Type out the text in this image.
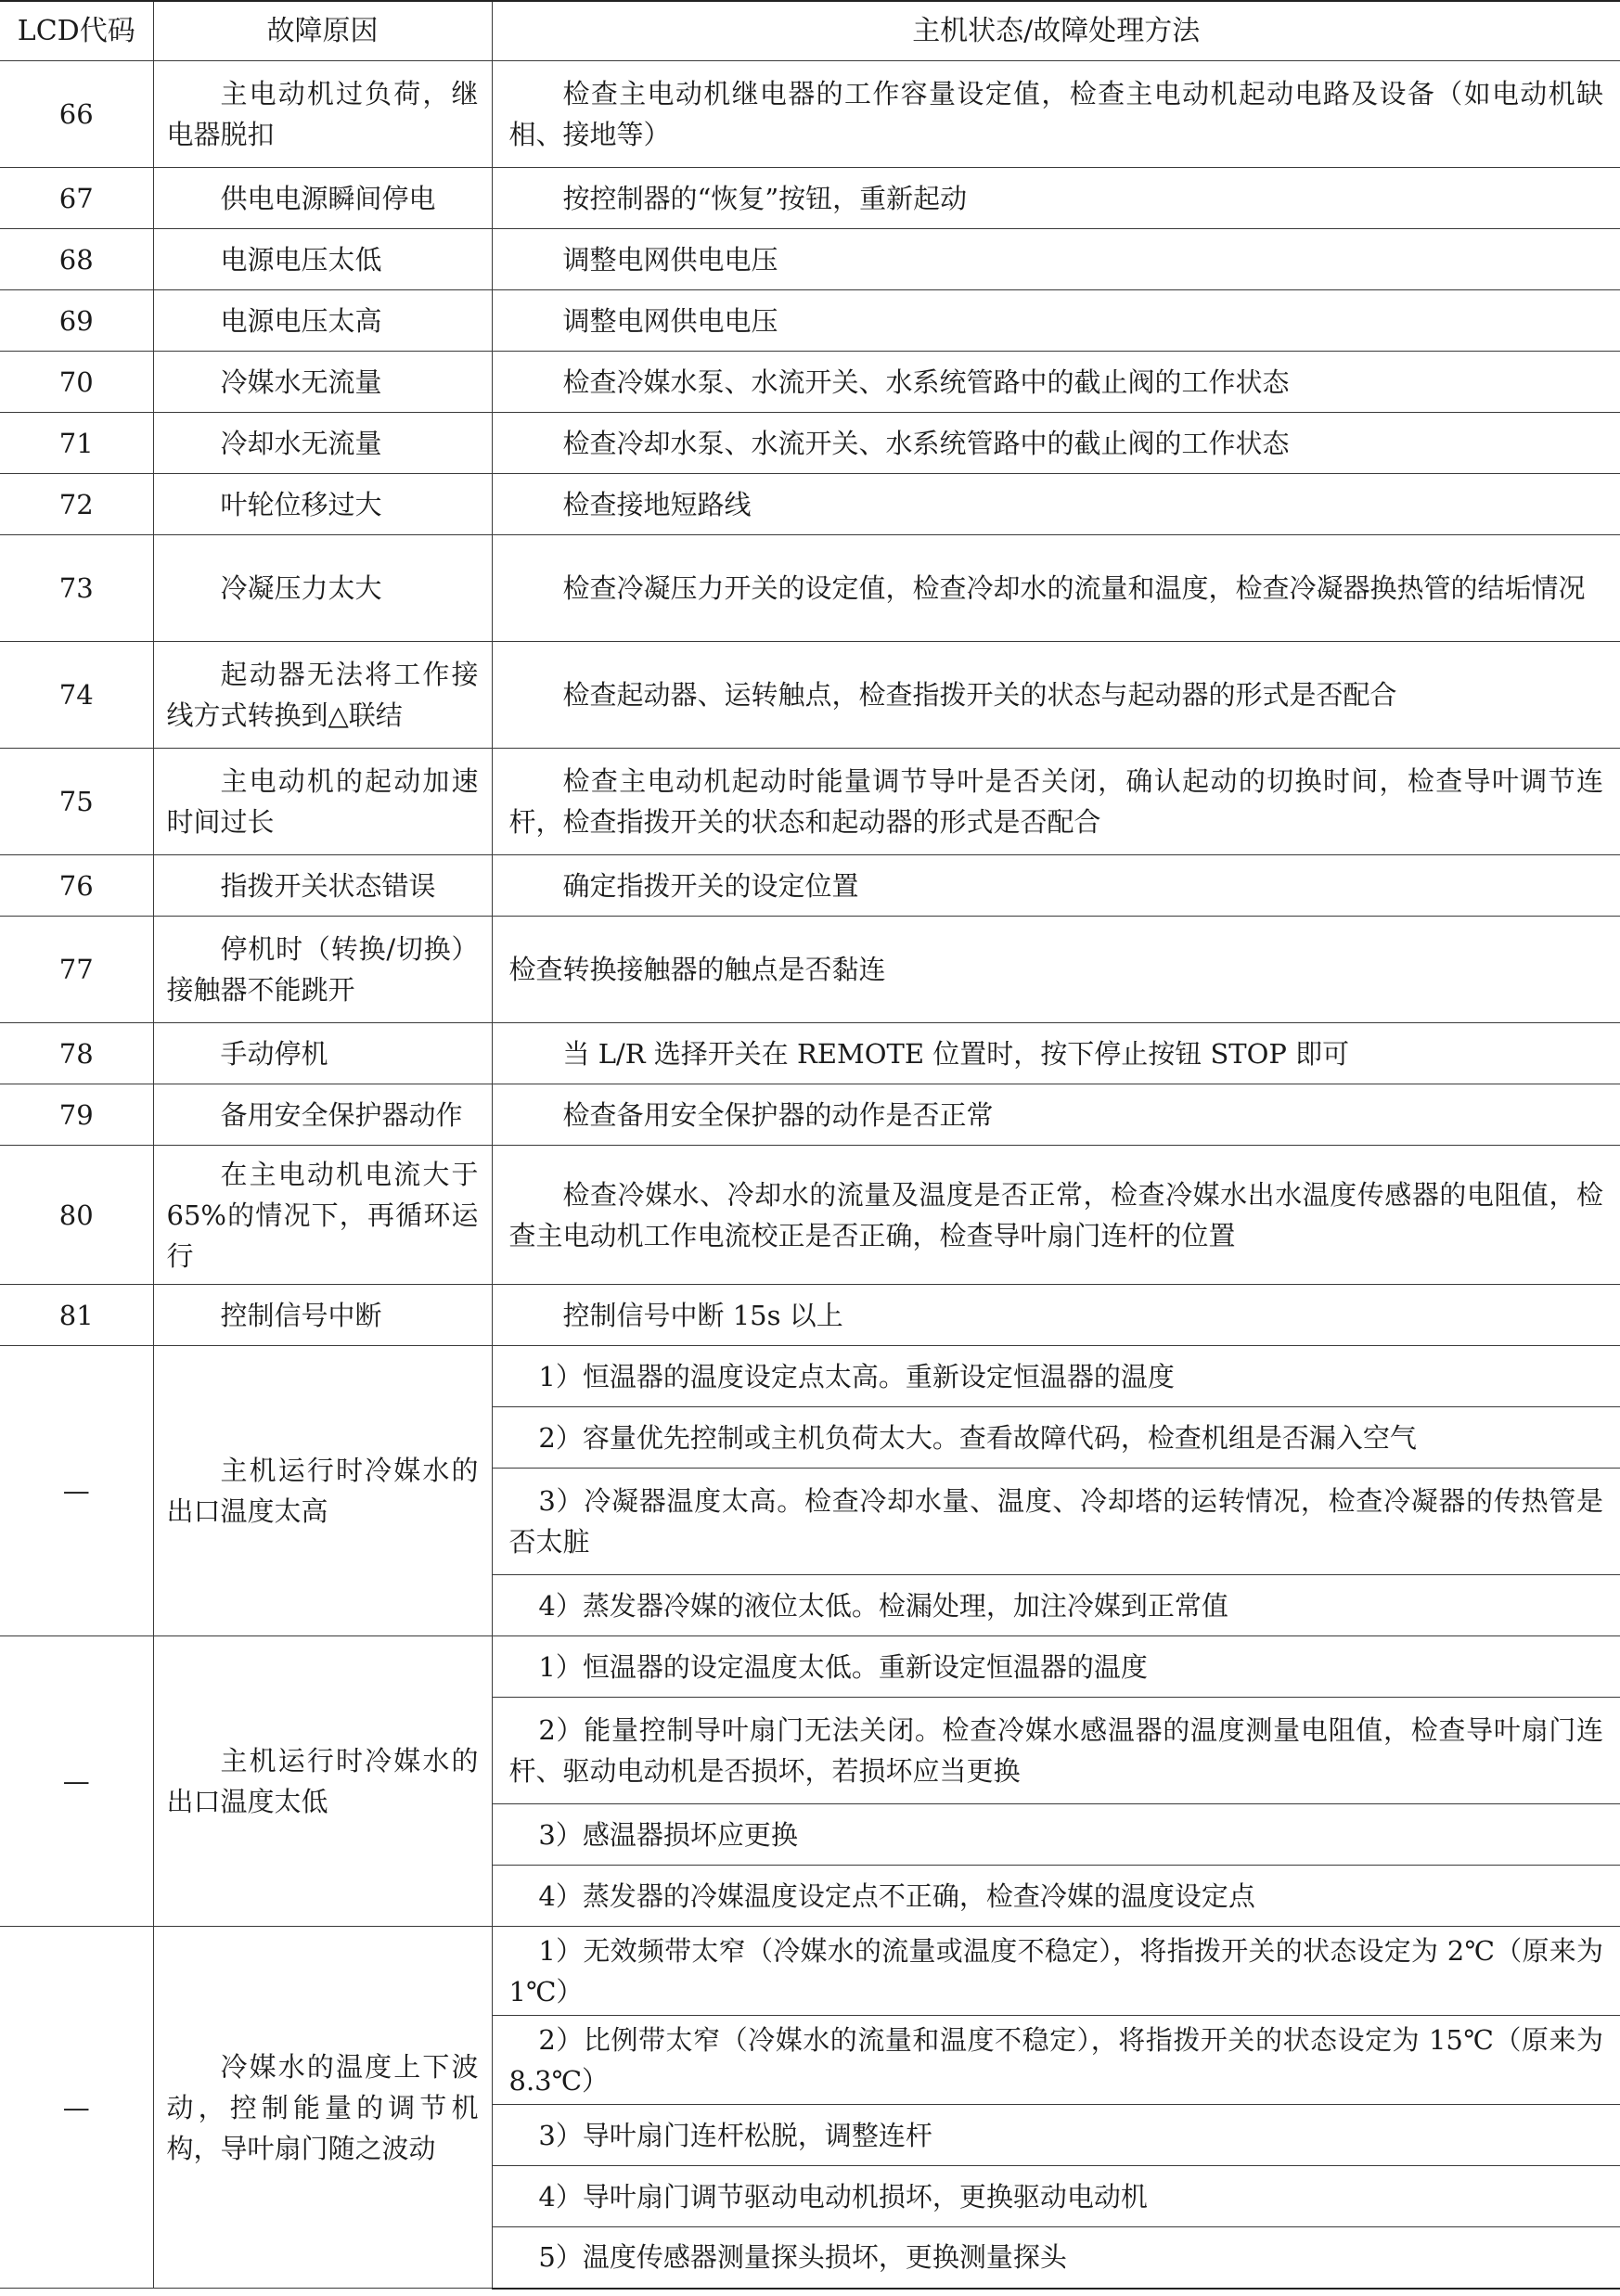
LCD代码	故障原因	主机状态/故障处理方法
66	主电动机过负荷，继电器脱扣	检查主电动机继电器的工作容量设定值，检查主电动机起动电路及设备（如电动机缺相、接地等）

67	供电电源瞬间停电	按控制器的“恢复”按钮，重新起动

68	电源电压太低	调整电网供电电压

69	电源电压太高	调整电网供电电压

70	冷媒水无流量	检查冷媒水泵、水流开关、水系统管路中的截止阀的工作状态

71	冷却水无流量	检查冷却水泵、水流开关、水系统管路中的截止阀的工作状态

72	叶轮位移过大	检查接地短路线

73	冷凝压力太大	检查冷凝压力开关的设定值，检查冷却水的流量和温度，检查冷凝器换热管的结垢情况

74	起动器无法将工作接线方式转换到△联结	检查起动器、运转触点，检查指拨开关的状态与起动器的形式是否配合

75	主电动机的起动加速时间过长	检查主电动机起动时能量调节导叶是否关闭，确认起动的切换时间，检查导叶调节连杆，检查指拨开关的状态和起动器的形式是否配合

76	指拨开关状态错误	确定指拨开关的设定位置

77	停机时（转换/切换）接触器不能跳开	检查转换接触器的触点是否黏连

78	手动停机	当 L/R 选择开关在 REMOTE 位置时，按下停止按钮 STOP 即可

79	备用安全保护器动作	检查备用安全保护器的动作是否正常

80	在主电动机电流大于65%的情况下，再循环运行	检查冷媒水、冷却水的流量及温度是否正常，检查冷媒水出水温度传感器的电阻值，检查主电动机工作电流校正是否正确，检查导叶扇门连杆的位置

81	控制信号中断	控制信号中断 15s 以上

—	主机运行时冷媒水的出口温度太高	1）恒温器的温度设定点太高。重新设定恒温器的温度

		2）容量优先控制或主机负荷太大。查看故障代码，检查机组是否漏入空气

		3）冷凝器温度太高。检查冷却水量、温度、冷却塔的运转情况，检查冷凝器的传热管是否太脏

		4）蒸发器冷媒的液位太低。检漏处理，加注冷媒到正常值

—	主机运行时冷媒水的出口温度太低	1）恒温器的设定温度太低。重新设定恒温器的温度

		2）能量控制导叶扇门无法关闭。检查冷媒水感温器的温度测量电阻值，检查导叶扇门连杆、驱动电动机是否损坏，若损坏应当更换

		3）感温器损坏应更换

		4）蒸发器的冷媒温度设定点不正确，检查冷媒的温度设定点

—	冷媒水的温度上下波动，控制能量的调节机构，导叶扇门随之波动	1）无效频带太窄（冷媒水的流量或温度不稳定），将指拨开关的状态设定为 2℃（原来为 1℃）

		2）比例带太窄（冷媒水的流量和温度不稳定），将指拨开关的状态设定为 15℃（原来为 8.3℃）

		3）导叶扇门连杆松脱，调整连杆

		4）导叶扇门调节驱动电动机损坏，更换驱动电动机

		5）温度传感器测量探头损坏，更换测量探头
